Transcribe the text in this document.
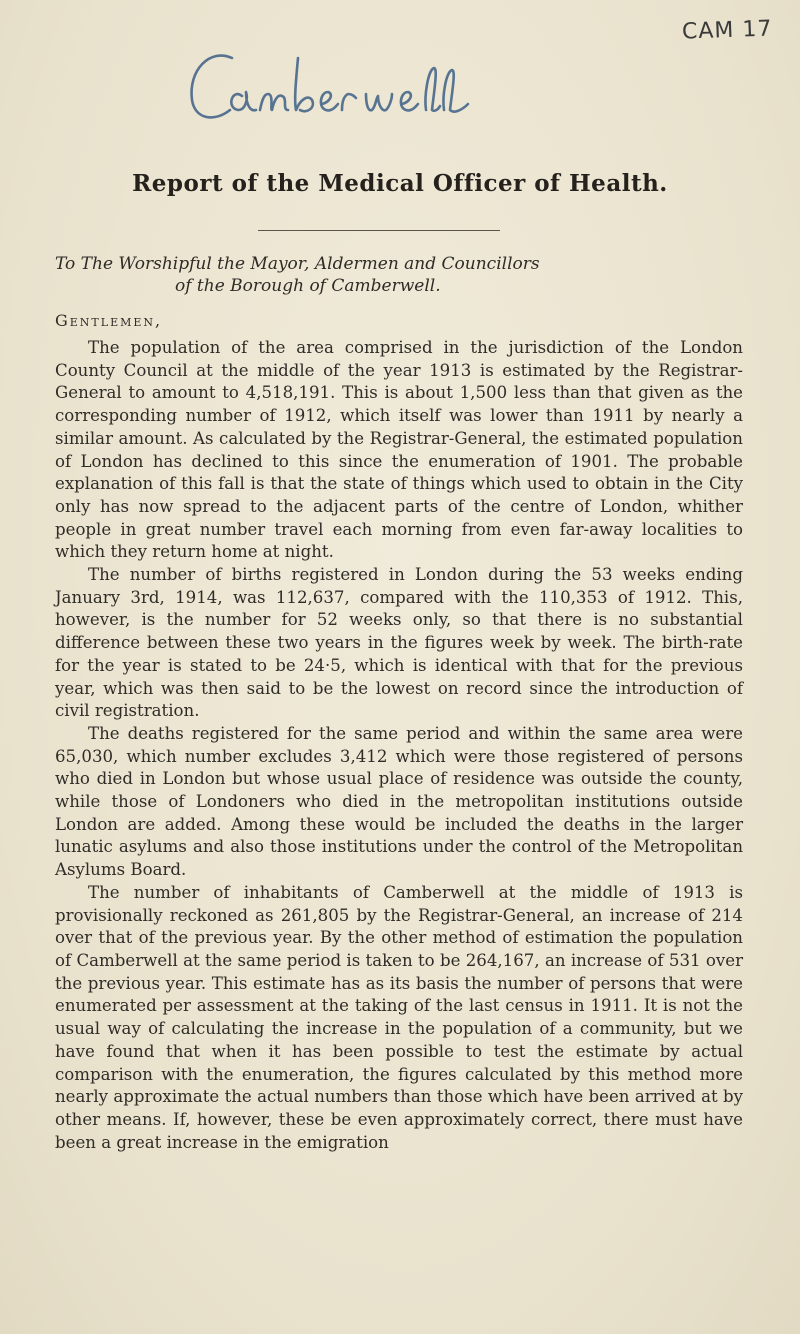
CAM 17
Report of the Medical Officer of Health.
To The Worshipful the Mayor, Aldermen and Councillors
of the Borough of Camberwell.
Gentlemen,

The population of the area comprised in the jurisdiction of the London County Council at the middle of the year 1913 is estimated by the Registrar-General to amount to 4,518,191. This is about 1,500 less than that given as the corresponding number of 1912, which itself was lower than 1911 by nearly a similar amount. As calculated by the Registrar-General, the estimated population of London has declined to this since the enumeration of 1901. The probable explanation of this fall is that the state of things which used to obtain in the City only has now spread to the adjacent parts of the centre of London, whither people in great number travel each morning from even far-away localities to which they return home at night.

The number of births registered in London during the 53 weeks ending January 3rd, 1914, was 112,637, compared with the 110,353 of 1912. This, however, is the number for 52 weeks only, so that there is no substantial difference between these two years in the figures week by week. The birth-rate for the year is stated to be 24·5, which is identical with that for the previous year, which was then said to be the lowest on record since the introduction of civil registration.

The deaths registered for the same period and within the same area were 65,030, which number excludes 3,412 which were those registered of persons who died in London but whose usual place of residence was outside the county, while those of Londoners who died in the metropolitan institutions outside London are added. Among these would be included the deaths in the larger lunatic asylums and also those institutions under the control of the Metropolitan Asylums Board.

The number of inhabitants of Camberwell at the middle of 1913 is provisionally reckoned as 261,805 by the Registrar-General, an increase of 214 over that of the previous year. By the other method of estimation the population of Camberwell at the same period is taken to be 264,167, an increase of 531 over the previous year. This estimate has as its basis the number of persons that were enumerated per assessment at the taking of the last census in 1911. It is not the usual way of calculating the increase in the population of a community, but we have found that when it has been possible to test the estimate by actual comparison with the enumeration, the figures calculated by this method more nearly approximate the actual numbers than those which have been arrived at by other means. If, however, these be even approximately correct, there must have been a great increase in the emigration
